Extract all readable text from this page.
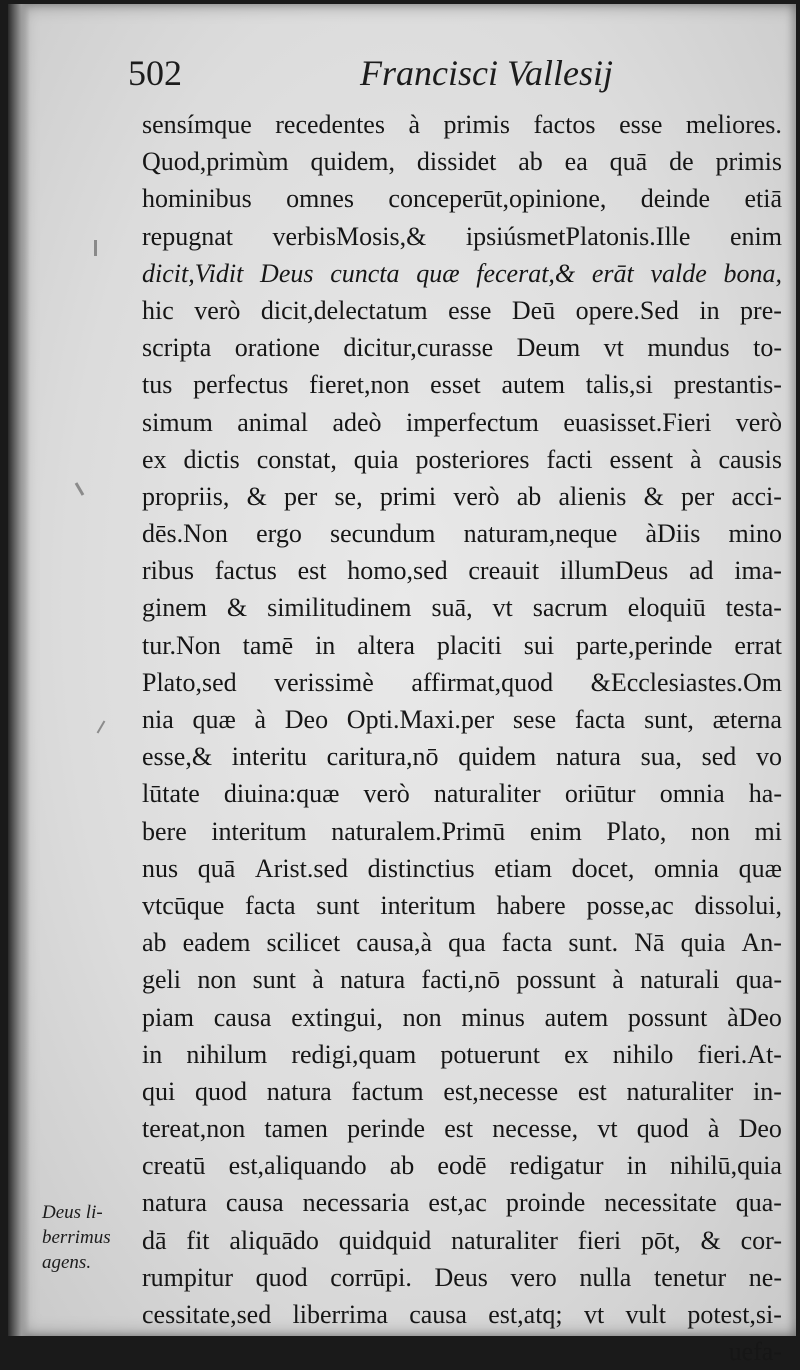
502	Francisci Vallesij
sensímque recedentes à primis factos esse meliores.
Quod,primùm quidem, dissidet ab ea quā de primis
hominibus omnes conceperūt,opinione, deinde etiā
repugnat verbisMosis,& ipsiúsmetPlatonis.Ille enim
dicit,Vidit Deus cuncta quæ fecerat,& erāt valde bona,
hic verò dicit,delectatum esse Deū opere.Sed in pre-
scripta oratione dicitur,curasse Deum vt mundus to-
tus perfectus fieret,non esset autem talis,si prestantis-
simum animal adeò imperfectum euasisset.Fieri verò
ex dictis constat, quia posteriores facti essent à causis
propriis, & per se, primi verò ab alienis & per acci-
dēs.Non ergo secundum naturam,neque àDiis mino
ribus factus est homo,sed creauit illumDeus ad ima-
ginem & similitudinem suā, vt sacrum eloquiū testa-
tur.Non tamē in altera placiti sui parte,perinde errat
Plato,sed verissimè affirmat,quod &Ecclesiastes.Om
nia quæ à Deo Opti.Maxi.per sese facta sunt, æterna
esse,& interitu caritura,nō quidem natura sua, sed vo
lūtate diuina:quæ verò naturaliter oriūtur omnia ha-
bere interitum naturalem.Primū enim Plato, non mi
nus quā Arist.sed distinctius etiam docet, omnia quæ
vtcūque facta sunt interitum habere posse,ac dissolui,
ab eadem scilicet causa,à qua facta sunt. Nā quia An-
geli non sunt à natura facti,nō possunt à naturali qua-
piam causa extingui, non minus autem possunt àDeo
in nihilum redigi,quam potuerunt ex nihilo fieri.At-
qui quod natura factum est,necesse est naturaliter in-
tereat,non tamen perinde est necesse, vt quod à Deo
creatū est,aliquando ab eodē redigatur in nihilū,quia
natura causa necessaria est,ac proinde necessitate qua-
dā fit aliquādo quidquid naturaliter fieri pōt, & cor-
rumpitur quod corrūpi. Deus vero nulla tenetur ne-
cessitate,sed liberrima causa est,atq; vt vult potest,si-
ue fa-
Deus li-
berrimus
agens.
